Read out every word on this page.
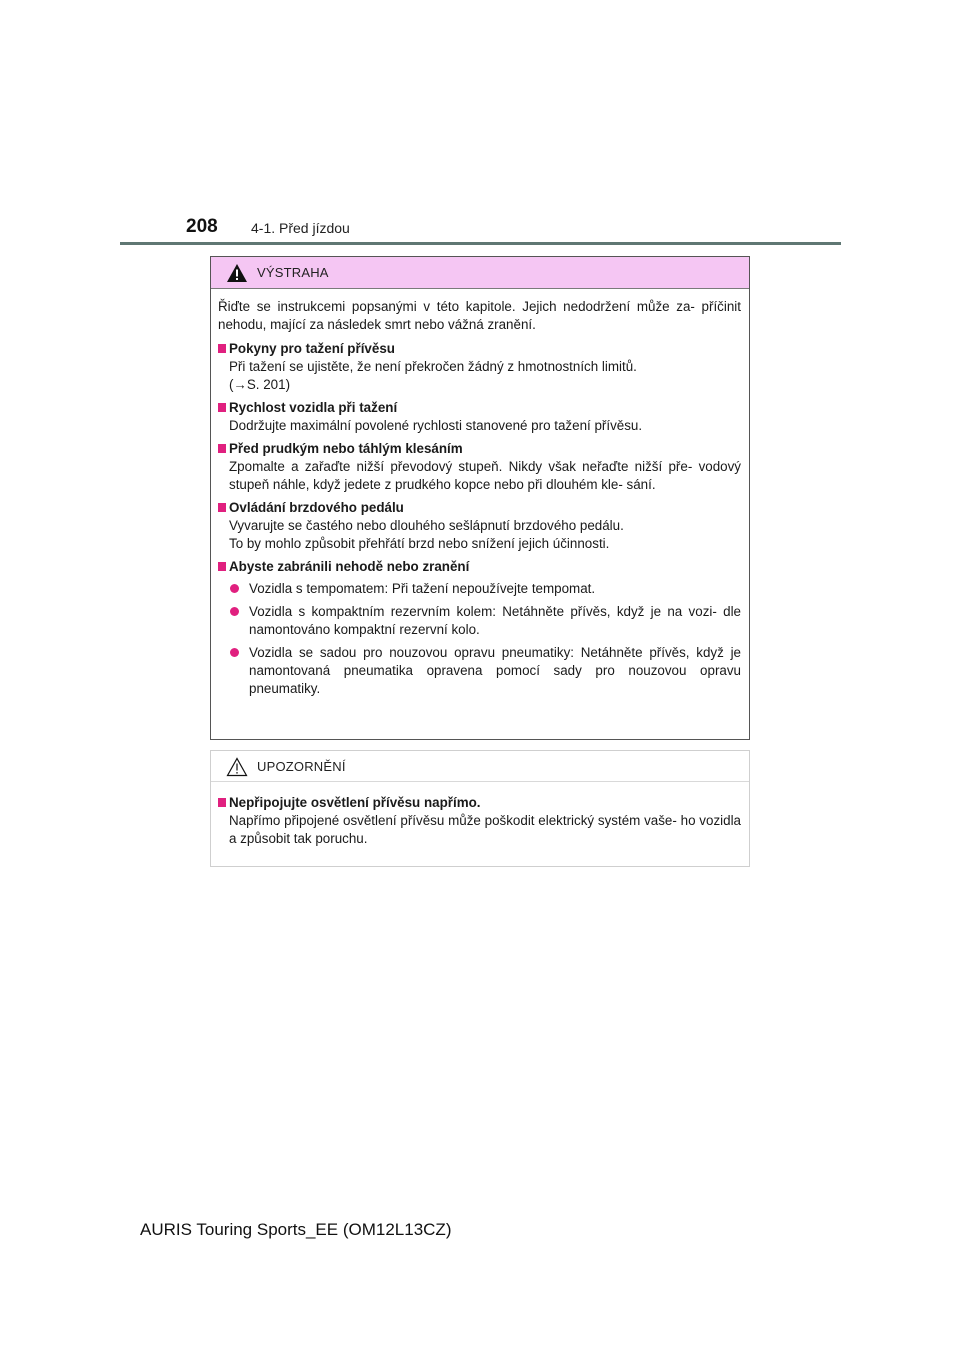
208 4-1. Před jízdou
VÝSTRAHA

Řiďte se instrukcemi popsanými v této kapitole. Jejich nedodržení může za- příčinit nehodu, mající za následek smrt nebo vážná zranění.

Pokyny pro tažení přívěsu
Při tažení se ujistěte, že není překročen žádný z hmotnostních limitů.
(→S. 201)
Rychlost vozidla při tažení
Dodržujte maximální povolené rychlosti stanovené pro tažení přívěsu.
Před prudkým nebo táhlým klesáním
Zpomalte a zařaďte nižší převodový stupeň. Nikdy však neřaďte nižší pře- vodový stupeň náhle, když jedete z prudkého kopce nebo při dlouhém kle- sání.
Ovládání brzdového pedálu
Vyvarujte se častého nebo dlouhého sešlápnutí brzdového pedálu.
To by mohlo způsobit přehřátí brzd nebo snížení jejich účinnosti.
Abyste zabránili nehodě nebo zranění
Vozidla s tempomatem: Při tažení nepoužívejte tempomat.
Vozidla s kompaktním rezervním kolem: Netáhněte přívěs, když je na vozi- dle namontováno kompaktní rezervní kolo.
Vozidla se sadou pro nouzovou opravu pneumatiky: Netáhněte přívěs, když je namontovaná pneumatika opravena pomocí sady pro nouzovou opravu pneumatiky.
UPOZORNĚNÍ
Nepřipojujte osvětlení přívěsu napřímo.
Napřímo připojené osvětlení přívěsu může poškodit elektrický systém vaše- ho vozidla a způsobit tak poruchu.
AURIS Touring Sports_EE (OM12L13CZ)
